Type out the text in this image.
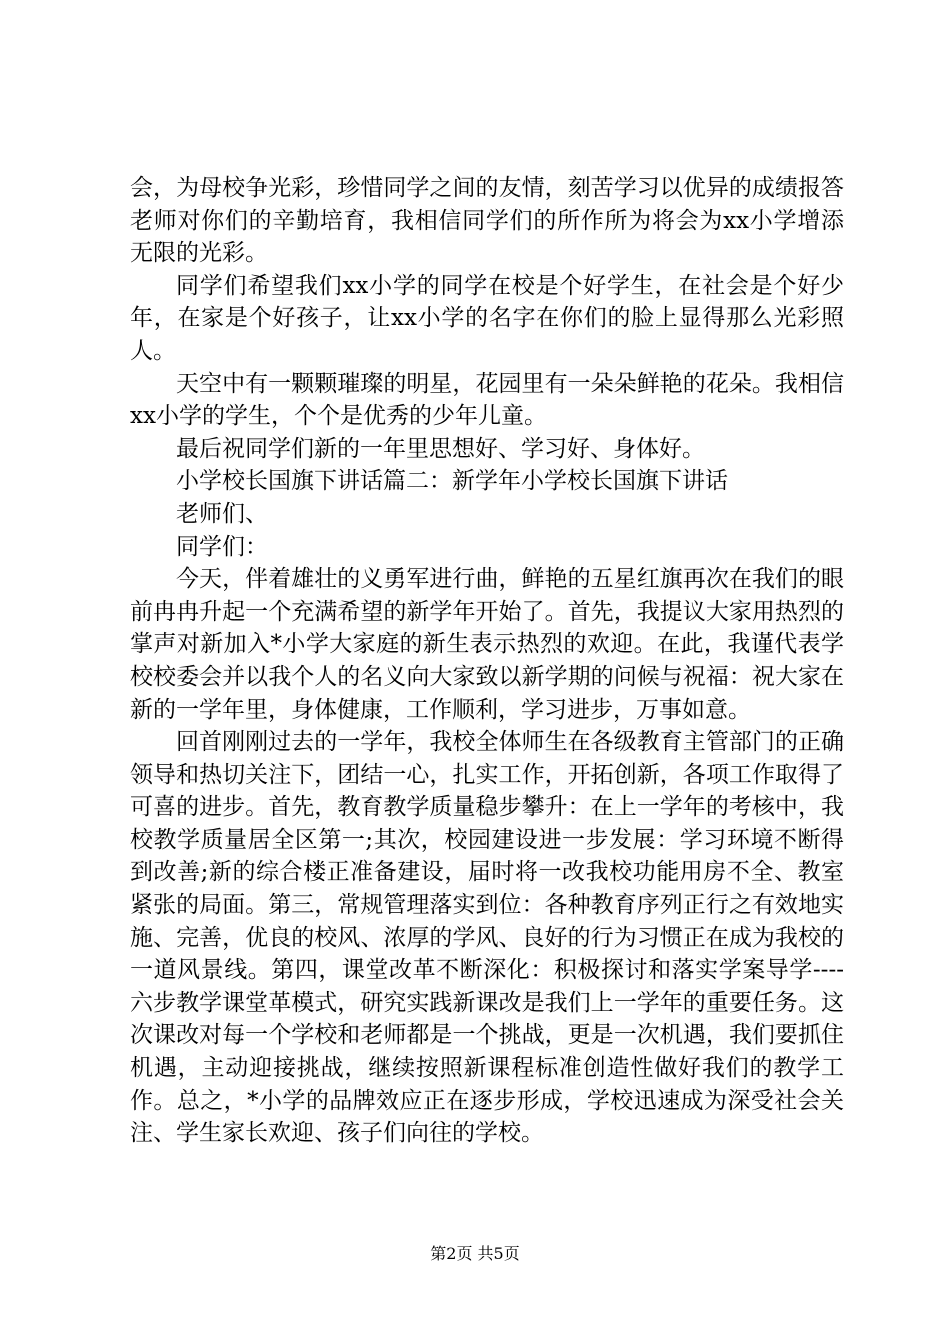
会，为母校争光彩，珍惜同学之间的友情，刻苦学习以优异的成绩报答老师对你们的辛勤培育，我相信同学们的所作所为将会为xx小学增添无限的光彩。

同学们希望我们xx小学的同学在校是个好学生，在社会是个好少年，在家是个好孩子，让xx小学的名字在你们的脸上显得那么光彩照人。

天空中有一颗颗璀璨的明星，花园里有一朵朵鲜艳的花朵。我相信xx小学的学生，个个是优秀的少年儿童。

最后祝同学们新的一年里思想好、学习好、身体好。

小学校长国旗下讲话篇二：新学年小学校长国旗下讲话

老师们、

同学们：

今天，伴着雄壮的义勇军进行曲，鲜艳的五星红旗再次在我们的眼前冉冉升起一个充满希望的新学年开始了。首先，我提议大家用热烈的掌声对新加入*小学大家庭的新生表示热烈的欢迎。在此，我谨代表学校校委会并以我个人的名义向大家致以新学期的问候与祝福：祝大家在新的一学年里，身体健康，工作顺利，学习进步，万事如意。

回首刚刚过去的一学年，我校全体师生在各级教育主管部门的正确领导和热切关注下，团结一心，扎实工作，开拓创新，各项工作取得了可喜的进步。首先，教育教学质量稳步攀升：在上一学年的考核中，我校教学质量居全区第一;其次，校园建设进一步发展：学习环境不断得到改善;新的综合楼正准备建设，届时将一改我校功能用房不全、教室紧张的局面。第三，常规管理落实到位：各种教育序列正行之有效地实施、完善，优良的校风、浓厚的学风、良好的行为习惯正在成为我校的一道风景线。第四，课堂改革不断深化：积极探讨和落实学案导学----六步教学课堂革模式，研究实践新课改是我们上一学年的重要任务。这次课改对每一个学校和老师都是一个挑战，更是一次机遇，我们要抓住机遇，主动迎接挑战，继续按照新课程标准创造性做好我们的教学工作。总之，*小学的品牌效应正在逐步形成，学校迅速成为深受社会关注、学生家长欢迎、孩子们向往的学校。

第2页 共5页
